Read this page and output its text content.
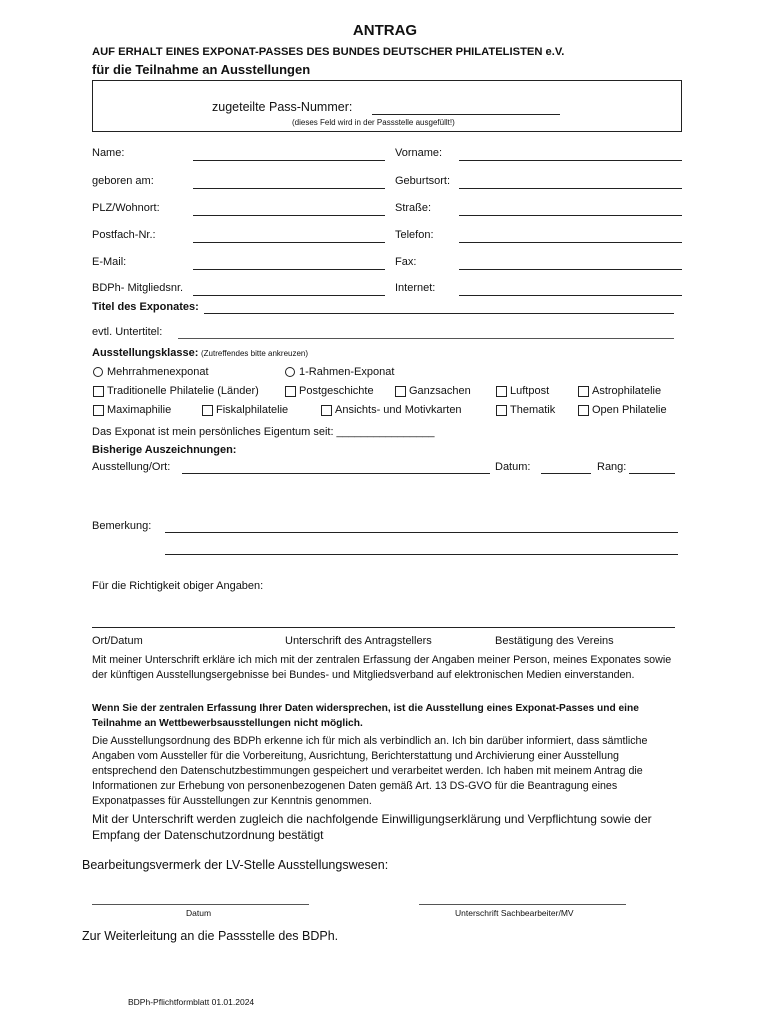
ANTRAG
AUF ERHALT EINES EXPONAT-PASSES DES BUNDES DEUTSCHER PHILATELISTEN e.V.
für die Teilnahme an Ausstellungen
zugeteilte Pass-Nummer:
(dieses Feld wird in der Passstelle ausgefüllt!)
Name:	Vorname:
geboren am:	Geburtsort:
PLZ/Wohnort:	Straße:
Postfach-Nr.:	Telefon:
E-Mail:	Fax:
BDPh- Mitgliedsnr.	Internet:
Titel des Exponates:
evtl. Untertitel:
Ausstellungsklasse: (Zutreffendes bitte ankreuzen)
Mehrrahmenexponat	1-Rahmen-Exponat
Traditionelle Philatelie (Länder)	Postgeschichte	Ganzsachen	Luftpost	Astrophilatelie
Maximaphilie	Fiskalphilatelie	Ansichts- und Motivkarten	Thematik	Open Philatelie
Das Exponat ist mein persönliches Eigentum seit: ________________
Bisherige Auszeichnungen:
Ausstellung/Ort:	Datum:	Rang:
Bemerkung:
Für die Richtigkeit obiger Angaben:
Ort/Datum	Unterschrift des Antragstellers	Bestätigung des Vereins
Mit meiner Unterschrift erkläre ich mich mit der zentralen Erfassung der Angaben meiner Person, meines Exponates sowie der künftigen Ausstellungsergebnisse bei Bundes- und Mitgliedsverband auf elektronischen Medien einverstanden.
Wenn Sie der zentralen Erfassung Ihrer Daten widersprechen, ist die Ausstellung eines Exponat-Passes und eine Teilnahme an Wettbewerbsausstellungen nicht möglich.
Die Ausstellungsordnung des BDPh erkenne ich für mich als verbindlich an. Ich bin darüber informiert, dass sämtliche Angaben vom Aussteller für die Vorbereitung, Ausrichtung, Berichterstattung und Archivierung einer Ausstellung entsprechend den Datenschutzbestimmungen gespeichert und verarbeitet werden. Ich haben mit meinem Antrag die Informationen zur Erhebung von personenbezogenen Daten gemäß Art. 13 DS-GVO für die Beantragung eines Exponatpasses für Ausstellungen zur Kenntnis genommen.
Mit der Unterschrift werden zugleich die nachfolgende Einwilligungserklärung und Verpflichtung sowie der Empfang der Datenschutzordnung bestätigt
Bearbeitungsvermerk der LV-Stelle Ausstellungswesen:
Datum	Unterschrift Sachbearbeiter/MV
Zur Weiterleitung an die Passstelle des BDPh.
BDPh-Pflichtformblatt 01.01.2024
